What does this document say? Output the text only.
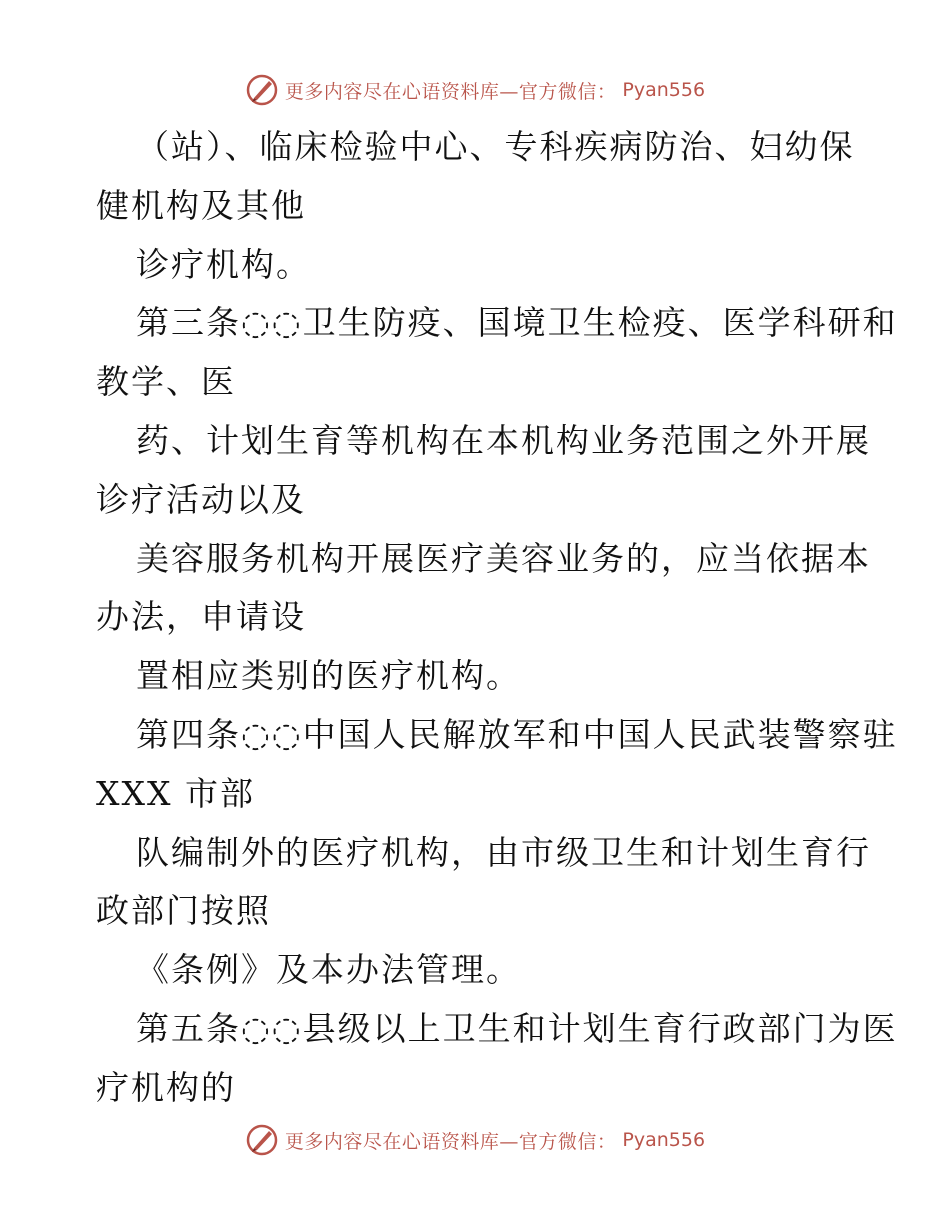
更多内容尽在心语资料库—官方微信： Pyan556
（站）、临床检验中心、专科疾病防治、妇幼保
健机构及其他
诊疗机构。
第三条◌◌卫生防疫、国境卫生检疫、医学科研和
教学、医
药、计划生育等机构在本机构业务范围之外开展
诊疗活动以及
美容服务机构开展医疗美容业务的，应当依据本
办法，申请设
置相应类别的医疗机构。
第四条◌◌中国人民解放军和中国人民武装警察驻
XXX 市部
队编制外的医疗机构，由市级卫生和计划生育行
政部门按照
《条例》及本办法管理。
第五条◌◌县级以上卫生和计划生育行政部门为医
疗机构的
更多内容尽在心语资料库—官方微信： Pyan556
